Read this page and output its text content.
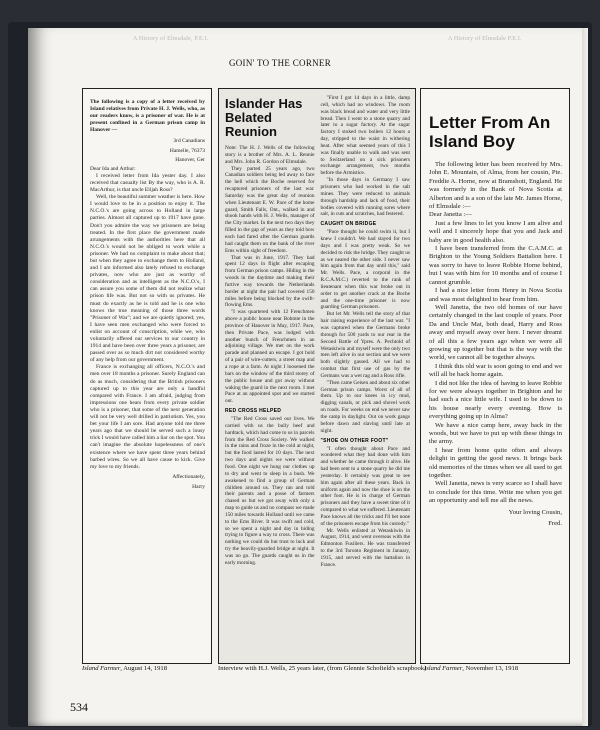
A History of Elmsdale, P.E.I.	A History of Elmsdale P.E.I.
GOIN' TO THE CORNER

The following is a copy of a letter received by Island relatives from Private H. J. Wells, who, as our readers know, is a prisoner of war. He is at present confined in a German prison camp in Hanover —

3rd Canadians

Hamelle, 76373

Hanover, Ger

Dear Ida and Arthur:

I received letter from Ida yester day. I also received that casualty list By the way, who is A. R. MacArthur, is that uncle Elijah Ross?

Well, the beautiful summer weather is here. How I would love to be in a position to enjoy it. The N.C.O.'s are going across to Holland in large parties. Almost all captured up to 1917 have gone. Don't you admire the way we prisoners are being treated. In the first place the government made arrangements with the authorities here that all N.C.O.'s would not be obliged to work while a prisoner. We had no complaint to make about that; but when they agree to exchange them to Holland, and I am informed also lately refused to exchange privates, now who are just as worthy of consideration and as intelligent as the N.C.O.'s, I can assure you some of them did not realize what prison life was. But not so with us privates. He must do exactly as he is told and he is one who knows the true meaning of those three words "Prisoner of War"; and we are quietly ignored; yes, I have seen men exchanged who were forced to enlist on account of conscription, while we, who voluntarily offered our services to our country in 1914 and have been over three years a prisoner, are passed over as so much dirt not considered worthy of any help from our government.

France is exchanging all officers, N.C.O.'s and men over 18 months a prisoner. Surely England can do as much, considering that the British prisoners captured up to this year are only a handful compared with France. I am afraid, judging from impressions one hears from every private soldier who is a prisoner, that some of the next generation will not be very well drilled in patriotism. Yes, you bet your life I am sore. Had anyone told me three years ago that we should be served such a lousy trick I would have called him a liar on the spot. You can't imagine the absolute hopelessness of one's existence where we have spent three years behind barbed wires. So we all have cause to kick. Give my love to my friends.

Affectionately,

Harry

Islander Has Belated Reunion

Note: The H. J. Wells of the following story is a brother of Mrs. A. L. Rennie and Mrs. John R. Gordon of Elmsdale.

They parted 25 years ago, two Canadian soldiers being led away to face the hell which the Boche reserved for recaptured prisoners of the last war. Saturday was the great day of reunion when Lieutenant E. W. Pace of the home guard, Smith Falls, Ont., walked in and shook hands with H. J. Wells, manager of the City market. In the next two days they filled in the gap of years as they told how each had fared after the German guards had caught them on the bank of the river Ems within sight of freedom.

That was in June, 1917. They had spent 12 days in flight after escaping from German prison camps. Hiding in the woods in the daytime and making their furtive way towards the Netherlands border at night the pair had covered 150 miles before being blocked by the swift-flowing Ems.

"I was quartered with 12 Frenchmen above a public house near Bohmte in the province of Hanover in May, 1917. Pace, then Private Pace, was lodged with another bunch of Frenchmen in an adjoining village. We met on the work parade and planned an escape. I got hold of a pair of wire-cutters, a street map and a rope at a farm. At night I loosened the bars on the window of the third storey of the public house and got away without waking the guard in the next room. I met Pace at an appointed spot and we started out.

RED CROSS HELPED

"The Red Cross saved our lives. We carried with us the bully beef and hardtack, which had come to us in parcels from the Red Cross Society. We walked in the rains and froze in the cold at night, but the food lasted for 10 days. The next two days and nights we were without food. One night we hung our clothes up to dry and went to sleep in a bush. We awakened to find a group of German children around us. They ran and told their parents and a posse of farmers chased us but we got away with only a map to guide us and no compass we made 150 miles towards Holland until we came to the Ems River. It was swift and cold, so we spent a night and day in hiding trying to figure a way to cross. There was nothing we could do but trust to luck and try the heavily-guarded bridge at night. It was no go. The guards caught us in the early morning.

"First I got 14 days in a little, damp cell, which had no windows. The room was black bread and water and very little bread. Then I went to a stone quarry and later to a sugar factory. At the sugar factory I stoked two boilers 12 hours a day, stripped to the waist in withering heat. After what seemed years of this I was finally unable to walk and was sent to Switzerland on a sick prisoners exchange arrangement, two months before the Armistice.

"In those days in Germany I saw prisoners who had worked in the salt mines. They were reduced to animals through hardship and lack of food, their bodies covered with running sores where salt, in cuts and scratches, had festered.

CAUGHT ON BRIDGE

"Pace thought he could swim it, but I knew I couldn't. We had stayed for two days and I was pretty weak. So we decided to risk the bridge. They caught us as we neared the other side. I never saw him again from that day until this," said Mr. Wells. Pace, a corporal in the R.C.A.M.C.) reverted to the rank of lieutenant when this war broke out in order to get another crack at the Boche and the one-time prisoner is now guarding German prisoners.

But let Mr. Wells tell the story of that hair raising experience of the last war. "I was captured when the Germans broke through for 500 yards to our rear in the Second Battle of Ypres. A. Pechtold of Wetaskiwin and myself were the only two men left alive in our section and we were both slightly gassed. All we had to combat that first use of gas by the Germans was a wet rag and a Ross rifle.

"Then came Geisen and about six other German prison camps. Worst of all of them. Up to our knees in icy mud, digging canals, or pick and shovel work on roads. For weeks on end we never saw the camp in daylight. Out on work gangs before dawn and slaving until late at night.

"SHOE ON OTHER FOOT"

"I often thought about Pace and wondered what they had done with him and whether he came through it alive. He had been sent to a stone quarry he did me yesterday. It certainly was great to see him again after all these years. Back in uniform again and now the shoe is on the other foot. He is in charge of German prisoners and they have a sweet time of it compared to what we suffered. Lieutenant Pace knows all the tricks and I'll bet none of the prisoners escape from his custody."

Mr. Wells enlisted at Wetaskiwin in August, 1914, and went overseas with the Edmonton Fusiliers. He was transferred to the 3rd Toronto Regiment in January, 1915, and served with the battalion in France.

Letter From An Island Boy

The following letter has been received by Mrs. John E. Mountain, of Alma, from her cousin, Pte. Freddie A. Horne, now at Bramshott, England. He was formerly in the Bank of Nova Scotia at Alberton and is a son of the late Mr. James Horne, of Elmsdale :—

Dear Janetta :—

Just a few lines to let you know I am alive and well and I sincerely hope that you and Jack and baby are in good health also.

I have been transferred from the C.A.M.C. at Brighton to the Young Soldiers Battalion here. I was sorry to have to leave Robbie Horne behind, but I was with him for 10 months and of course I cannot grumble.

I had a nice letter from Henry in Nova Scotia and was most delighted to hear from him.

Well Janetta, the two old homes of our have certainly changed in the last couple of years. Poor Da and Uncle Mat, both dead, Harry and Ross away and myself away over here. I never dreamt of all this a few years ago when we were all growing up together but that is the way with the world, we cannot all be together always.

I think this old war is soon going to end and we will all be back home again.

I did not like the idea of having to leave Robbie for we were always together in Brighton and he had such a nice little wife. I used to be down to his house nearly every evening. How is everything going up in Alma?

We have a nice camp here, away back in the woods, but we have to put up with these things in the army.

I hear from home quite often and always delight in getting the good news. It brings back old memories of the times when we all used to get together.

Well Janetta, news is very scarce so I shall have to conclude for this time. Write me when you get an opportunity and tell me all the news.

Your loving Cousin,

Fred.

Island Farmer, August 14, 1918	Interview with H.J. Wells, 25 years later, (from Glennie Schofield's scrapbook)
Island Farmer, November 13, 1918
534
